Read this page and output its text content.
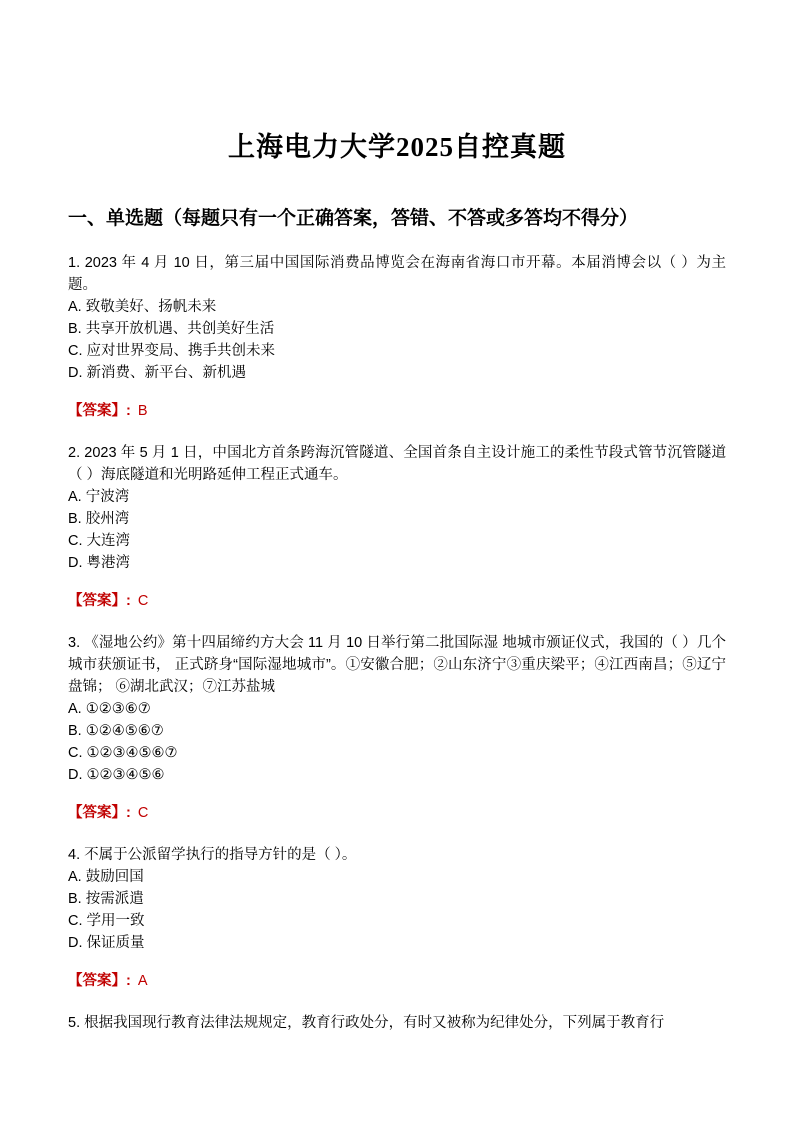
上海电力大学2025自控真题
一、单选题（每题只有一个正确答案，答错、不答或多答均不得分）
1. 2023 年 4 月 10 日，第三届中国国际消费品博览会在海南省海口市开幕。本届消博会以（ ）为主题。
A. 致敬美好、扬帆未来
B. 共享开放机遇、共创美好生活
C. 应对世界变局、携手共创未来
D. 新消费、新平台、新机遇
【答案】: B
2. 2023 年 5 月 1 日，中国北方首条跨海沉管隧道、全国首条自主设计施工的柔性节段式管节沉管隧道（ ）海底隧道和光明路延伸工程正式通车。
A. 宁波湾
B. 胶州湾
C. 大连湾
D. 粤港湾
【答案】: C
3. 《湿地公约》第十四届缔约方大会 11 月 10 日举行第二批国际湿 地城市颁证仪式，我国的（ ）几个城市获颁证书， 正式跻身“国际湿地城市”。①安徽合肥；②山东济宁③重庆梁平；④江西南昌；⑤辽宁盘锦； ⑥湖北武汉；⑦江苏盐城
A. ①②③⑥⑦
B. ①②④⑤⑥⑦
C. ①②③④⑤⑥⑦
D. ①②③④⑤⑥
【答案】: C
4. 不属于公派留学执行的指导方针的是（ ）。
A. 鼓励回国
B. 按需派遣
C. 学用一致
D. 保证质量
【答案】: A
5. 根据我国现行教育法律法规规定，教育行政处分，有时又被称为纪律处分，下列属于教育行
